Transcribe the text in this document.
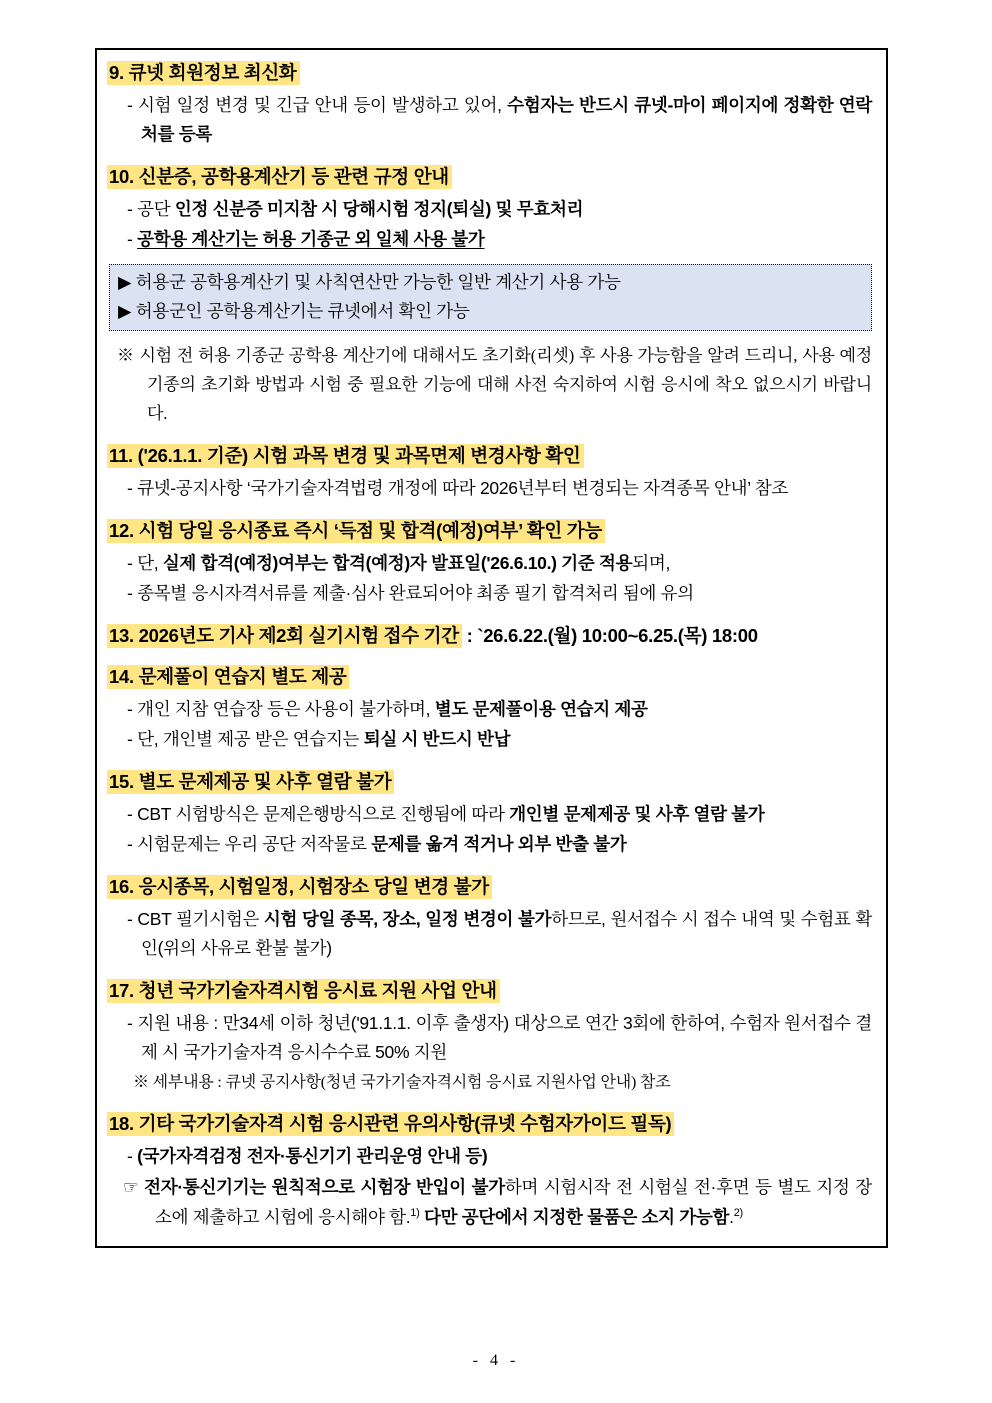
9. 큐넷 회원정보 최신화
- 시험 일정 변경 및 긴급 안내 등이 발생하고 있어, 수험자는 반드시 큐넷-마이 페이지에 정확한 연락처를 등록
10. 신분증, 공학용계산기 등 관련 규정 안내
- 공단 인정 신분증 미지참 시 당해시험 정지(퇴실) 및 무효처리
- 공학용 계산기는 허용 기종군 외 일체 사용 불가
▶ 허용군 공학용계산기 및 사칙연산만 가능한 일반 계산기 사용 가능
▶ 허용군인 공학용계산기는 큐넷에서 확인 가능
※ 시험 전 허용 기종군 공학용 계산기에 대해서도 초기화(리셋) 후 사용 가능함을 알려 드리니, 사용 예정 기종의 초기화 방법과 시험 중 필요한 기능에 대해 사전 숙지하여 시험 응시에 착오 없으시기 바랍니다.
11. ('26.1.1. 기준) 시험 과목 변경 및 과목면제 변경사항 확인
- 큐넷-공지사항 ‘국가기술자격법령 개정에 따라 2026년부터 변경되는 자격종목 안내’ 참조
12. 시험 당일 응시종료 즉시 ‘득점 및 합격(예정)여부’ 확인 가능
- 단, 실제 합격(예정)여부는 합격(예정)자 발표일('26.6.10.) 기준 적용되며,
- 종목별 응시자격서류를 제출·심사 완료되어야 최종 필기 합격처리 됨에 유의
13. 2026년도 기사 제2회 실기시험 접수 기간 : `26.6.22.(월) 10:00~6.25.(목) 18:00
14. 문제풀이 연습지 별도 제공
- 개인 지참 연습장 등은 사용이 불가하며, 별도 문제풀이용 연습지 제공
- 단, 개인별 제공 받은 연습지는 퇴실 시 반드시 반납
15. 별도 문제제공 및 사후 열람 불가
- CBT 시험방식은 문제은행방식으로 진행됨에 따라 개인별 문제제공 및 사후 열람 불가
- 시험문제는 우리 공단 저작물로 문제를 옮겨 적거나 외부 반출 불가
16. 응시종목, 시험일정, 시험장소 당일 변경 불가
- CBT 필기시험은 시험 당일 종목, 장소, 일정 변경이 불가하므로, 원서접수 시 접수 내역 및 수험표 확인(위의 사유로 환불 불가)
17. 청년 국가기술자격시험 응시료 지원 사업 안내
- 지원 내용 : 만34세 이하 청년('91.1.1. 이후 출생자) 대상으로 연간 3회에 한하여, 수험자 원서접수 결제 시 국가기술자격 응시수수료 50% 지원
※ 세부내용 : 큐넷 공지사항(청년 국가기술자격시험 응시료 지원사업 안내) 참조
18. 기타 국가기술자격 시험 응시관련 유의사항(큐넷 수험자가이드 필독)
- (국가자격검정 전자·통신기기 관리운영 안내 등)
☞ 전자·통신기기는 원칙적으로 시험장 반입이 불가하며 시험시작 전 시험실 전·후면 등 별도 지정 장소에 제출하고 시험에 응시해야 함.$^{1)}$ 다만 공단에서 지정한 물품은 소지 가능함.$^{2)}$
- 4 -
